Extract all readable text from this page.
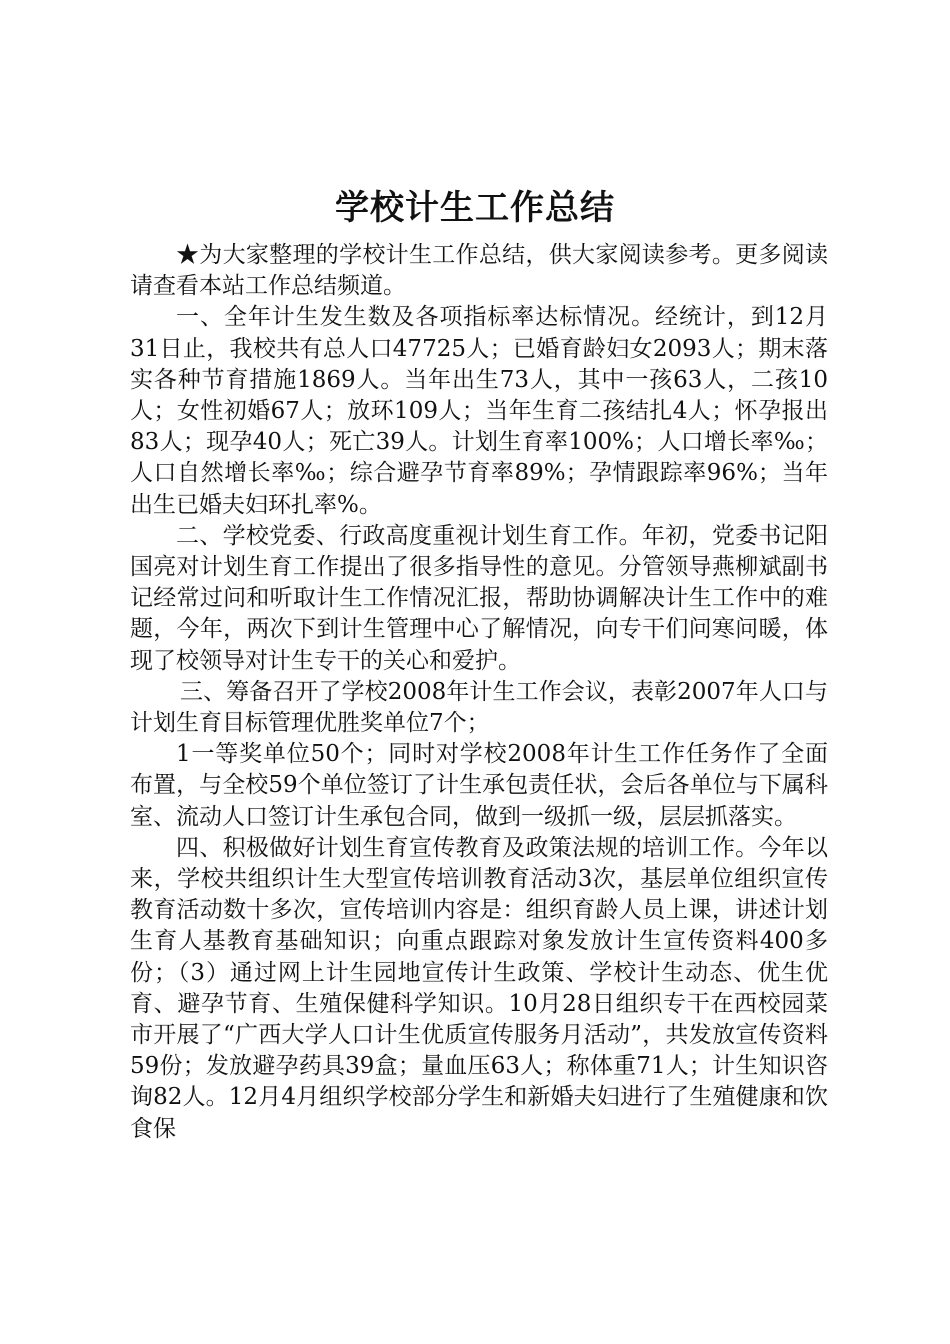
学校计生工作总结

★为大家整理的学校计生工作总结，供大家阅读参考。更多阅读请查看本站工作总结频道。

一、全年计生发生数及各项指标率达标情况。经统计，到12月31日止，我校共有总人口47725人；已婚育龄妇女2093人；期末落实各种节育措施1869人。当年出生73人，其中一孩63人，二孩10人；女性初婚67人；放环109人；当年生育二孩结扎4人；怀孕报出83人；现孕40人；死亡39人。计划生育率100%；人口增长率‰；人口自然增长率‰；综合避孕节育率89%；孕情跟踪率96%；当年出生已婚夫妇环扎率%。

二、学校党委、行政高度重视计划生育工作。年初，党委书记阳国亮对计划生育工作提出了很多指导性的意见。分管领导燕柳斌副书记经常过问和听取计生工作情况汇报，帮助协调解决计生工作中的难题，今年，两次下到计生管理中心了解情况，向专干们问寒问暖，体现了校领导对计生专干的关心和爱护。

三、筹备召开了学校2008年计生工作会议，表彰2007年人口与计划生育目标管理优胜奖单位7个；

1一等奖单位50个；同时对学校2008年计生工作任务作了全面布置，与全校59个单位签订了计生承包责任状，会后各单位与下属科室、流动人口签订计生承包合同，做到一级抓一级，层层抓落实。

四、积极做好计划生育宣传教育及政策法规的培训工作。今年以来，学校共组织计生大型宣传培训教育活动3次，基层单位组织宣传教育活动数十多次，宣传培训内容是：组织育龄人员上课，讲述计划生育人基教育基础知识；向重点跟踪对象发放计生宣传资料400多份；（3）通过网上计生园地宣传计生政策、学校计生动态、优生优育、避孕节育、生殖保健科学知识。10月28日组织专干在西校园菜市开展了“广西大学人口计生优质宣传服务月活动”，共发放宣传资料59份；发放避孕药具39盒；量血压63人；称体重71人；计生知识咨询82人。12月4月组织学校部分学生和新婚夫妇进行了生殖健康和饮食保
